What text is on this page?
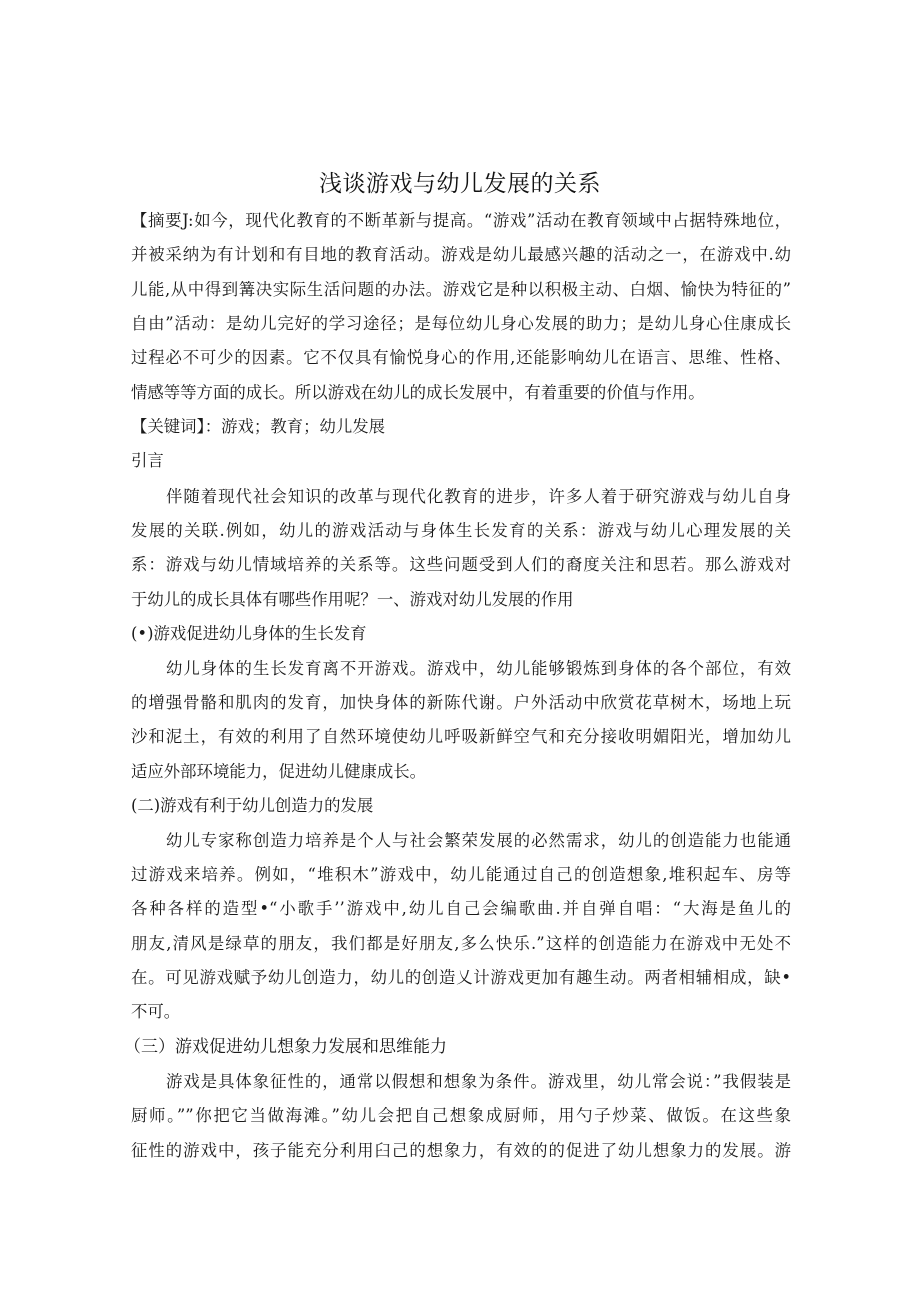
浅谈游戏与幼儿发展的关系
【摘要J:如今，现代化教育的不断革新与提高。“游戏”活动在教育领域中占据特殊地位，
并被采纳为有计划和有目地的教育活动。游戏是幼儿最感兴趣的活动之一，在游戏中.幼
儿能,从中得到篝决实际生活问题的办法。游戏它是种以积极主动、白烟、愉快为特征的”
自由”活动：是幼儿完好的学习途径；是每位幼儿身心发展的助力；是幼儿身心住康成长
过程必不可少的因素。它不仅具有愉悦身心的作用,还能影响幼儿在语言、思维、性格、
情感等等方面的成长。所以游戏在幼儿的成长发展中，有着重要的价值与作用。
【关键词】：游戏；教育；幼儿发展
引言
伴随着现代社会知识的改革与现代化教育的进步，许多人着于研究游戏与幼儿自身
发展的关联.例如，幼儿的游戏活动与身体生长发育的关系：游戏与幼儿心理发展的关
系：游戏与幼儿情域培养的关系等。这些问题受到人们的裔度关注和思若。那么游戏对
于幼儿的成长具体有哪些作用呢？一、游戏对幼儿发展的作用
(•)游戏促进幼儿身体的生长发育
幼儿身体的生长发育离不开游戏。游戏中，幼儿能够锻炼到身体的各个部位，有效
的增强骨骼和肌肉的发育，加快身体的新陈代谢。户外活动中欣赏花草树木，场地上玩
沙和泥土，有效的利用了自然环境使幼儿呼吸新鲜空气和充分接收明媚阳光，增加幼儿
适应外部环境能力，促进幼儿健康成长。
(二)游戏有利于幼儿创造力的发展
幼儿专家称创造力培养是个人与社会繁荣发展的必然需求，幼儿的创造能力也能通
过游戏来培养。例如，“堆积木”游戏中，幼儿能通过自己的创造想象,堆积起车、房等
各种各样的造型•“小歌手’’游戏中,幼儿自己会编歌曲.并自弹自唱：“大海是鱼儿的
朋友,清风是绿草的朋友，我们都是好朋友,多么快乐.”这样的创造能力在游戏中无处不
在。可见游戏赋予幼儿创造力，幼儿的创造乂计游戏更加有趣生动。两者相辅相成，缺•
不可。
（三）游戏促进幼儿想象力发展和思维能力
游戏是具体象征性的，通常以假想和想象为条件。游戏里，幼儿常会说：”我假装是
厨师。””你把它当做海滩。”幼儿会把自己想象成厨师，用勺子炒菜、做饭。在这些象
征性的游戏中，孩子能充分利用臼己的想象力，有效的的促进了幼儿想象力的发展。游
